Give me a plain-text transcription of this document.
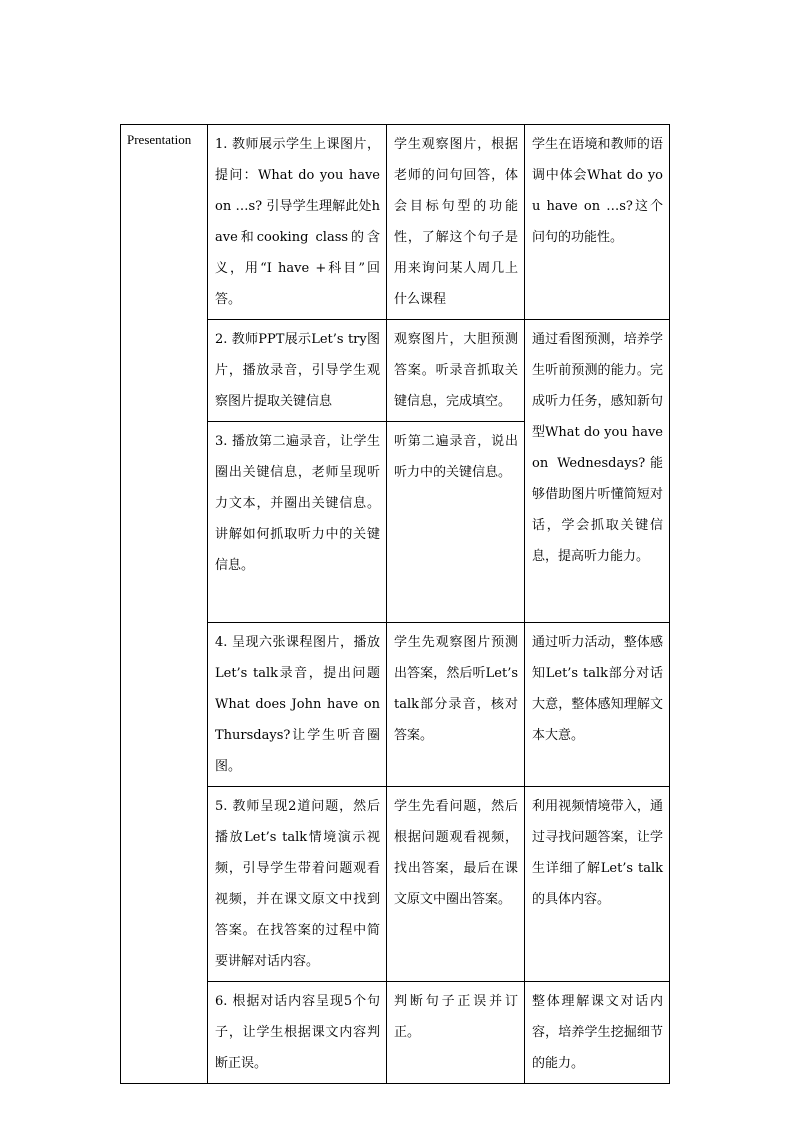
Presentation	1. 教师展示学生上课图片，提问：What do you have on …s? 引导学生理解此处have和cooking class的含义，用“I have +科目”回答。	学生观察图片，根据老师的问句回答，体会目标句型的功能性，了解这个句子是用来询问某人周几上什么课程	学生在语境和教师的语调中体会What do you have on …s?这个问句的功能性。
	2. 教师PPT展示Let’s try图片，播放录音，引导学生观察图片提取关键信息	观察图片，大胆预测答案。听录音抓取关键信息，完成填空。	通过看图预测，培养学生听前预测的能力。完成听力任务，感知新句型What do you have on Wednesdays?能够借助图片听懂简短对话，学会抓取关键信息，提高听力能力。
	3. 播放第二遍录音，让学生圈出关键信息，老师呈现听力文本，并圈出关键信息。讲解如何抓取听力中的关键信息。	听第二遍录音，说出听力中的关键信息。	
	4. 呈现六张课程图片，播放Let’s talk录音，提出问题What does John have on Thursdays?让学生听音圈图。	学生先观察图片预测出答案，然后听Let’s talk部分录音，核对答案。	通过听力活动，整体感知Let’s talk部分对话大意，整体感知理解文本大意。
	5. 教师呈现2道问题，然后播放Let’s talk情境演示视频，引导学生带着问题观看视频，并在课文原文中找到答案。在找答案的过程中简要讲解对话内容。	学生先看问题，然后根据问题观看视频，找出答案，最后在课文原文中圈出答案。	利用视频情境带入，通过寻找问题答案，让学生详细了解Let’s talk的具体内容。
	6. 根据对话内容呈现5个句子，让学生根据课文内容判断正误。	判断句子正误并订正。	整体理解课文对话内容，培养学生挖掘细节的能力。
